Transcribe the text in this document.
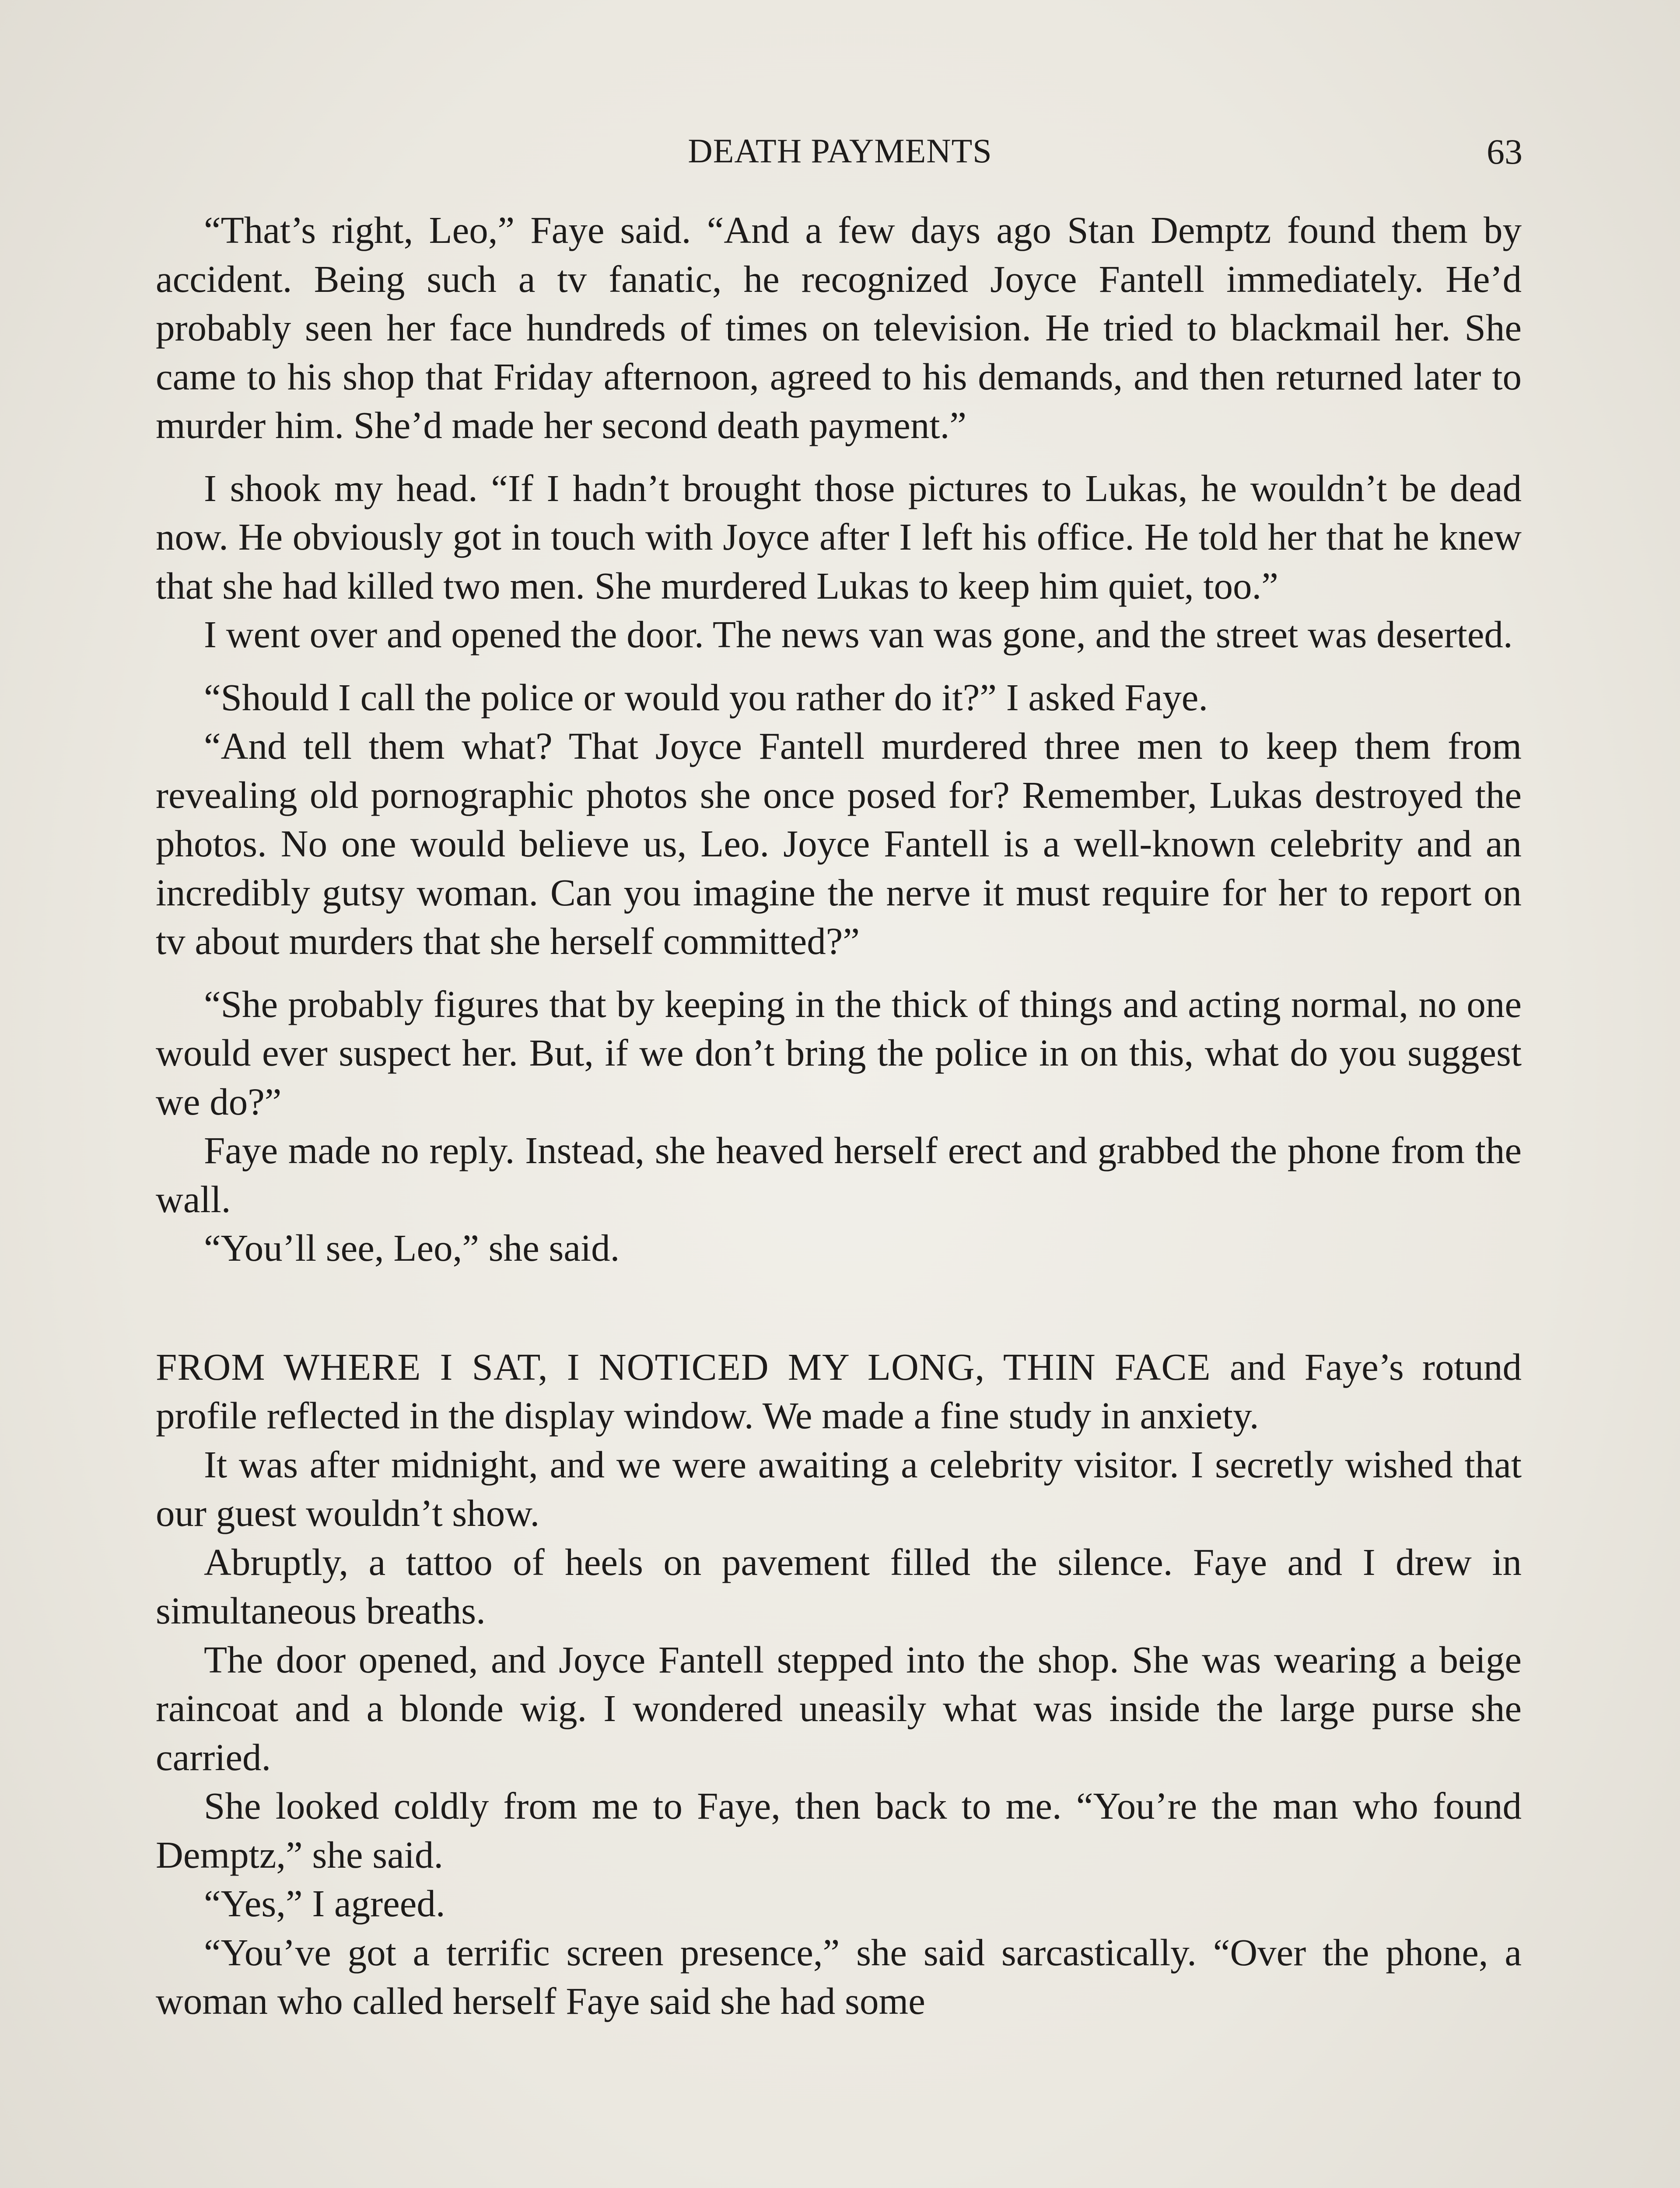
DEATH PAYMENTS	63

“That’s right, Leo,” Faye said. “And a few days ago Stan Demptz found them by accident. Being such a tv fanatic, he recognized Joyce Fantell immediately. He’d probably seen her face hundreds of times on television. He tried to blackmail her. She came to his shop that Friday afternoon, agreed to his demands, and then returned later to murder him. She’d made her second death payment.”

I shook my head. “If I hadn’t brought those pictures to Lukas, he wouldn’t be dead now. He obviously got in touch with Joyce after I left his office. He told her that he knew that she had killed two men. She murdered Lukas to keep him quiet, too.”

I went over and opened the door. The news van was gone, and the street was deserted.

“Should I call the police or would you rather do it?” I asked Faye.

“And tell them what? That Joyce Fantell murdered three men to keep them from revealing old pornographic photos she once posed for? Remember, Lukas destroyed the photos. No one would believe us, Leo. Joyce Fantell is a well-known celebrity and an incredibly gutsy woman. Can you imagine the nerve it must require for her to report on tv about murders that she herself committed?”

“She probably figures that by keeping in the thick of things and acting normal, no one would ever suspect her. But, if we don’t bring the police in on this, what do you suggest we do?”

Faye made no reply. Instead, she heaved herself erect and grabbed the phone from the wall.

“You’ll see, Leo,” she said.

FROM WHERE I SAT, I NOTICED MY LONG, THIN FACE and Faye’s rotund profile reflected in the display window. We made a fine study in anxiety.

It was after midnight, and we were awaiting a celebrity visitor. I secretly wished that our guest wouldn’t show.

Abruptly, a tattoo of heels on pavement filled the silence. Faye and I drew in simultaneous breaths.

The door opened, and Joyce Fantell stepped into the shop. She was wearing a beige raincoat and a blonde wig. I wondered uneasily what was inside the large purse she carried.

She looked coldly from me to Faye, then back to me. “You’re the man who found Demptz,” she said.

“Yes,” I agreed.

“You’ve got a terrific screen presence,” she said sarcastically. “Over the phone, a woman who called herself Faye said she had some
